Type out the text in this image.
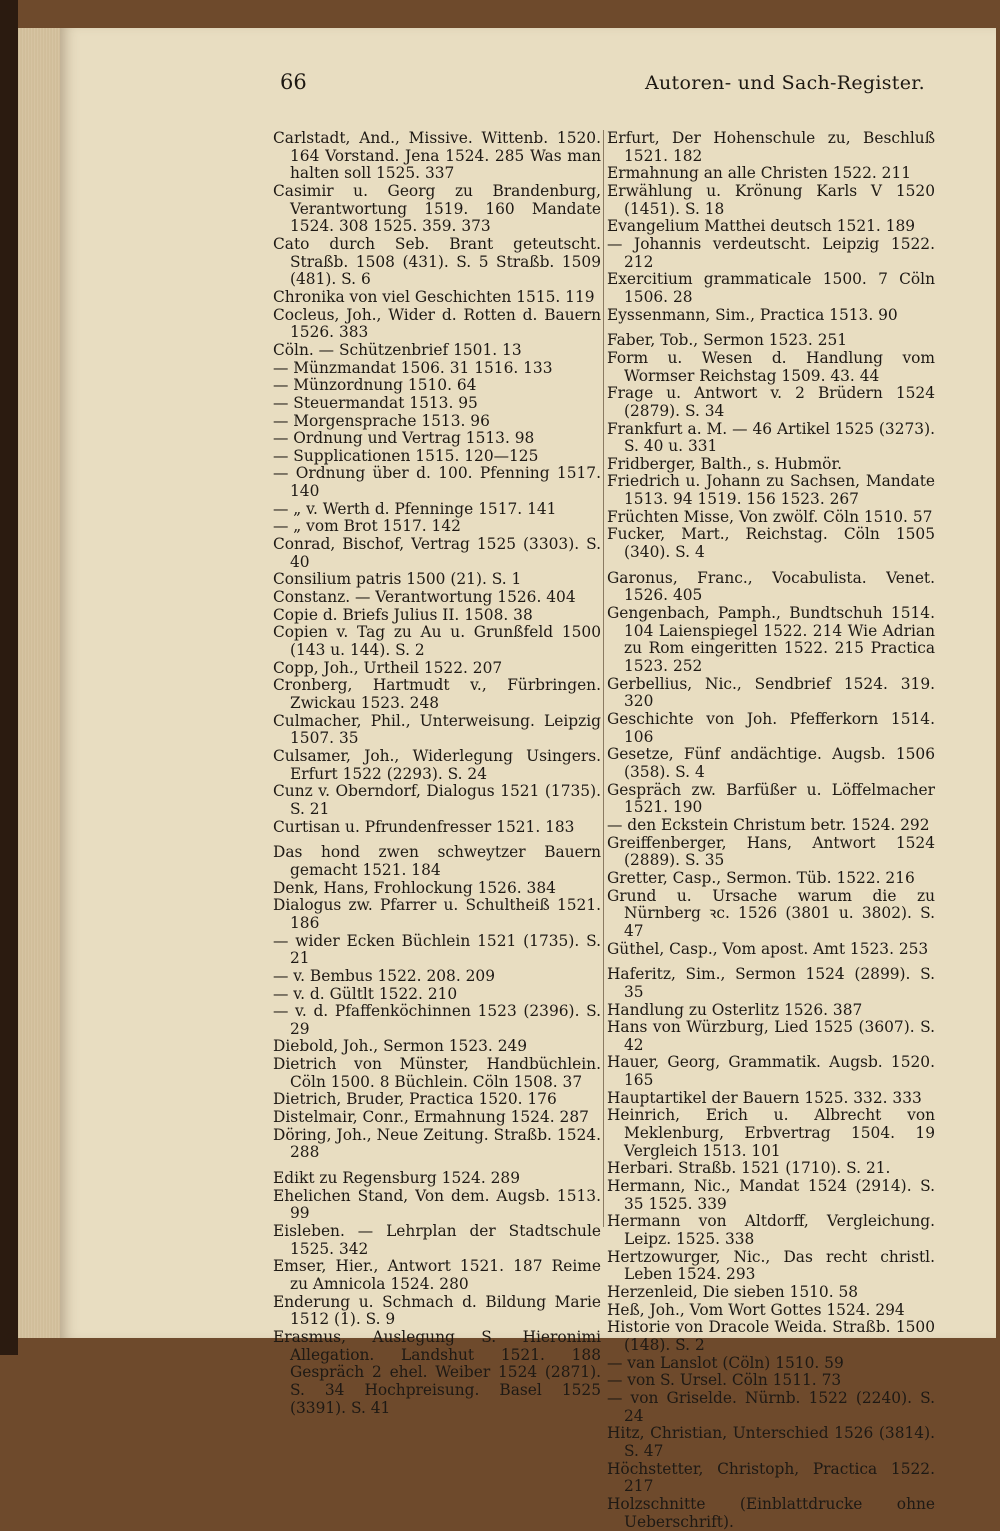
66	Autoren- und Sach-Register.
Carlstadt, And., Missive. Wittenb. 1520. 164 Vorstand. Jena 1524. 285 Was man halten soll 1525. 337
Casimir u. Georg zu Brandenburg, Verantwortung 1519. 160 Mandate 1524. 308 1525. 359. 373
Cato durch Seb. Brant geteutscht. Straßb. 1508 (431). S. 5 Straßb. 1509 (481). S. 6
Chronika von viel Geschichten 1515. 119
Cocleus, Joh., Wider d. Rotten d. Bauern 1526. 383
Cöln. — Schützenbrief 1501. 13
— Münzmandat 1506. 31 1516. 133
— Münzordnung 1510. 64
— Steuermandat 1513. 95
— Morgensprache 1513. 96
— Ordnung und Vertrag 1513. 98
— Supplicationen 1515. 120—125
— Ordnung über d. 100. Pfenning 1517. 140
— „ v. Werth d. Pfenninge 1517. 141
— „ vom Brot 1517. 142
Conrad, Bischof, Vertrag 1525 (3303). S. 40
Consilium patris 1500 (21). S. 1
Constanz. — Verantwortung 1526. 404
Copie d. Briefs Julius II. 1508. 38
Copien v. Tag zu Au u. Grunßfeld 1500 (143 u. 144). S. 2
Copp, Joh., Urtheil 1522. 207
Cronberg, Hartmudt v., Fürbringen. Zwickau 1523. 248
Culmacher, Phil., Unterweisung. Leipzig 1507. 35
Culsamer, Joh., Widerlegung Usingers. Erfurt 1522 (2293). S. 24
Cunz v. Oberndorf, Dialogus 1521 (1735). S. 21
Curtisan u. Pfrundenfresser 1521. 183
Das hond zwen schweytzer Bauern gemacht 1521. 184
Denk, Hans, Frohlockung 1526. 384
Dialogus zw. Pfarrer u. Schultheiß 1521. 186
— wider Ecken Büchlein 1521 (1735). S. 21
— v. Bembus 1522. 208. 209
— v. d. Gültlt 1522. 210
— v. d. Pfaffenköchinnen 1523 (2396). S. 29
Diebold, Joh., Sermon 1523. 249
Dietrich von Münster, Handbüchlein. Cöln 1500. 8 Büchlein. Cöln 1508. 37
Dietrich, Bruder, Practica 1520. 176
Distelmair, Conr., Ermahnung 1524. 287
Döring, Joh., Neue Zeitung. Straßb. 1524. 288
Edikt zu Regensburg 1524. 289
Ehelichen Stand, Von dem. Augsb. 1513. 99
Eisleben. — Lehrplan der Stadtschule 1525. 342
Emser, Hier., Antwort 1521. 187 Reime zu Amnicola 1524. 280
Enderung u. Schmach d. Bildung Marie 1512 (1). S. 9
Erasmus, Auslegung S. Hieronimi Allegation. Landshut 1521. 188 Gespräch 2 ehel. Weiber 1524 (2871). S. 34 Hochpreisung. Basel 1525 (3391). S. 41
Erfurt, Der Hohenschule zu, Beschluß 1521. 182
Ermahnung an alle Christen 1522. 211
Erwählung u. Krönung Karls V 1520 (1451). S. 18
Evangelium Matthei deutsch 1521. 189
— Johannis verdeutscht. Leipzig 1522. 212
Exercitium grammaticale 1500. 7 Cöln 1506. 28
Eyssenmann, Sim., Practica 1513. 90
Faber, Tob., Sermon 1523. 251
Form u. Wesen d. Handlung vom Wormser Reichstag 1509. 43. 44
Frage u. Antwort v. 2 Brüdern 1524 (2879). S. 34
Frankfurt a. M. — 46 Artikel 1525 (3273). S. 40 u. 331
Fridberger, Balth., s. Hubmör.
Friedrich u. Johann zu Sachsen, Mandate 1513. 94 1519. 156 1523. 267
Früchten Misse, Von zwölf. Cöln 1510. 57
Fucker, Mart., Reichstag. Cöln 1505 (340). S. 4
Garonus, Franc., Vocabulista. Venet. 1526. 405
Gengenbach, Pamph., Bundtschuh 1514. 104 Laienspiegel 1522. 214 Wie Adrian zu Rom eingeritten 1522. 215 Practica 1523. 252
Gerbellius, Nic., Sendbrief 1524. 319. 320
Geschichte von Joh. Pfefferkorn 1514. 106
Gesetze, Fünf andächtige. Augsb. 1506 (358). S. 4
Gespräch zw. Barfüßer u. Löffelmacher 1521. 190
— den Eckstein Christum betr. 1524. 292
Greiffenberger, Hans, Antwort 1524 (2889). S. 35
Gretter, Casp., Sermon. Tüb. 1522. 216
Grund u. Ursache warum die zu Nürnberg ꝛc. 1526 (3801 u. 3802). S. 47
Güthel, Casp., Vom apost. Amt 1523. 253
Haferitz, Sim., Sermon 1524 (2899). S. 35
Handlung zu Osterlitz 1526. 387
Hans von Würzburg, Lied 1525 (3607). S. 42
Hauer, Georg, Grammatik. Augsb. 1520. 165
Hauptartikel der Bauern 1525. 332. 333
Heinrich, Erich u. Albrecht von Meklenburg, Erbvertrag 1504. 19 Vergleich 1513. 101
Herbari. Straßb. 1521 (1710). S. 21.
Hermann, Nic., Mandat 1524 (2914). S. 35 1525. 339
Hermann von Altdorff, Vergleichung. Leipz. 1525. 338
Hertzowurger, Nic., Das recht christl. Leben 1524. 293
Herzenleid, Die sieben 1510. 58
Heß, Joh., Vom Wort Gottes 1524. 294
Historie von Dracole Weida. Straßb. 1500 (148). S. 2
— van Lanslot (Cöln) 1510. 59
— von S. Ursel. Cöln 1511. 73
— von Griselde. Nürnb. 1522 (2240). S. 24
Hitz, Christian, Unterschied 1526 (3814). S. 47
Höchstetter, Christoph, Practica 1522. 217
Holzschnitte (Einblattdrucke ohne Ueberschrift).
